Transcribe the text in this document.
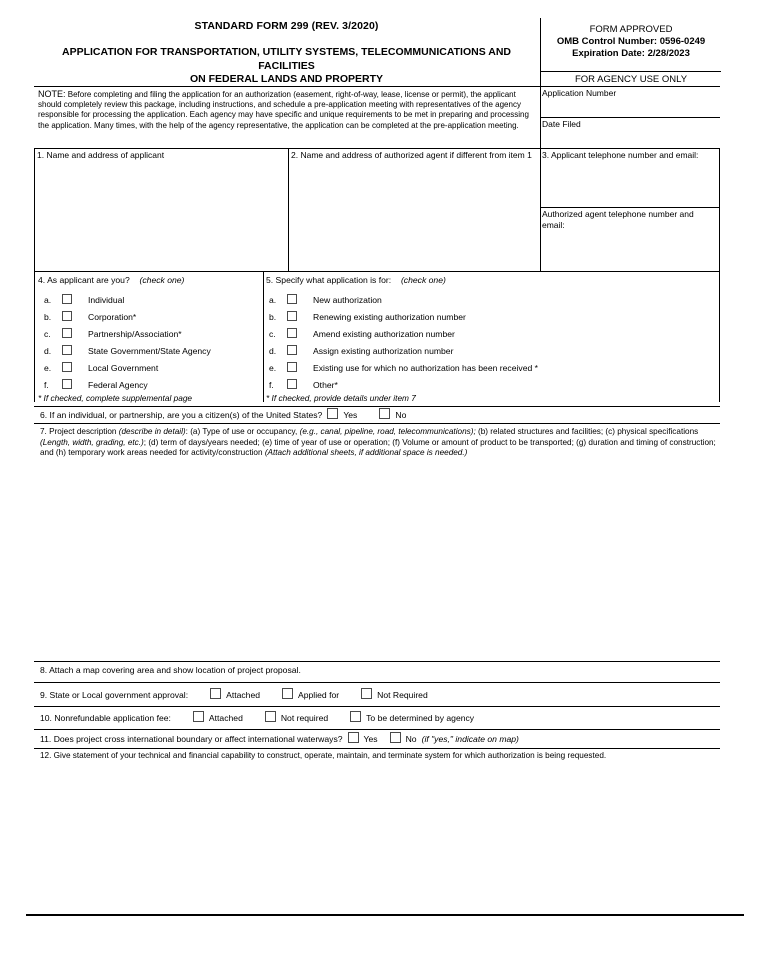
STANDARD FORM 299 (REV. 3/2020)
APPLICATION FOR TRANSPORTATION, UTILITY SYSTEMS, TELECOMMUNICATIONS AND FACILITIES
ON FEDERAL LANDS AND PROPERTY
FORM APPROVED
OMB Control Number: 0596-0249
Expiration Date: 2/28/2023
FOR AGENCY USE ONLY
Application Number
Date Filed
NOTE: Before completing and filing the application for an authorization (easement, right-of-way, lease, license or permit), the applicant should completely review this package, including instructions, and schedule a pre-application meeting with representatives of the agency responsible for processing the application. Each agency may have specific and unique requirements to be met in preparing and processing the application. Many times, with the help of the agency representative, the application can be completed at the pre-application meeting.
1. Name and address of applicant	2. Name and address of authorized agent if different from item 1	3. Applicant telephone number and email:
Authorized agent telephone number and email:
4. As applicant are you? (check one)
a.	Individual
b.	Corporation*
c.	Partnership/Association*
d.	State Government/State Agency
e.	Local Government
f.	Federal Agency
* If checked, complete supplemental page
5. Specify what application is for: (check one)
a.	New authorization
b.	Renewing existing authorization number
c.	Amend existing authorization number
d.	Assign existing authorization number
e.	Existing use for which no authorization has been received *
f.	Other*
* If checked, provide details under item 7
6. If an individual, or partnership, are you a citizen(s) of the United States? Yes	No
7. Project description (describe in detail): (a) Type of use or occupancy, (e.g., canal, pipeline, road, telecommunications); (b) related structures and facilities; (c) physical specifications (Length, width, grading, etc.); (d) term of days/years needed; (e) time of year of use or operation; (f) Volume or amount of product to be transported; (g) duration and timing of construction; and (h) temporary work areas needed for activity/construction (Attach additional sheets, if additional space is needed.)
8. Attach a map covering area and show location of project proposal.
9. State or Local government approval:	Attached	Applied for	Not Required
10. Nonrefundable application fee:	Attached	Not required	To be determined by agency
11. Does project cross international boundary or affect international waterways? Yes	No (if "yes," indicate on map)
12. Give statement of your technical and financial capability to construct, operate, maintain, and terminate system for which authorization is being requested.
